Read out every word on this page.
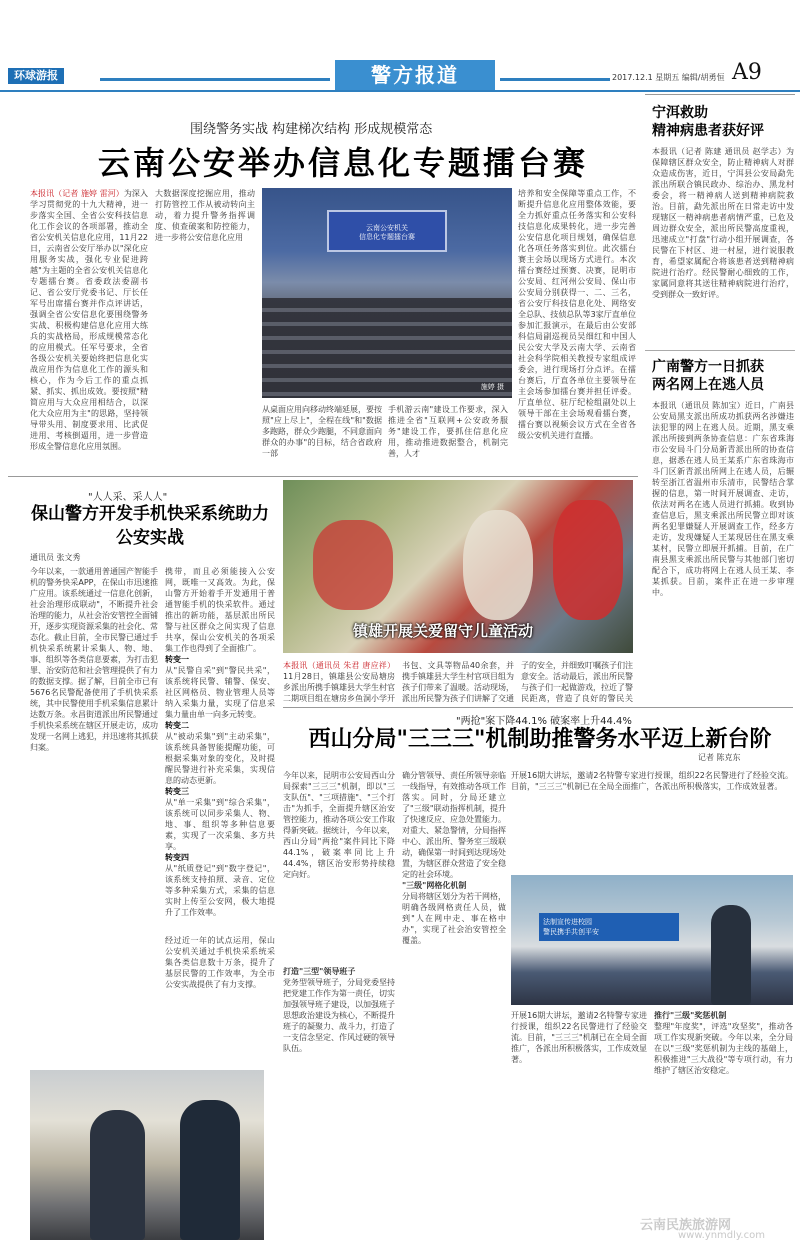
环球游报	警方报道	2017.12.1 星期五 编辑/胡勇恒 A9
围绕警务实战 构建梯次结构 形成规模常态
云南公安举办信息化专题擂台赛
本报讯（记者 施婷 雷河）为深入学习贯彻党的十九大精神，进一步落实全国、全省公安科技信息化工作会议的各项部署，推动全省公安机关信息化应用，11月22日，云南省公安厅举办以"深化应用服务实战，强化专业促进跨越"为主题的全省公安机关信息化专题擂台赛。省委政法委副书记、省公安厅党委书记、厅长任军号出席擂台赛并作点评讲话，强调全省公安信息化要围绕警务实战、积极构建信息化应用大练兵的实战格局，形成规模常态化的应用模式。任军号要求，全省各级公安机关要始终把信息化实战应用作为信息化工作的源头和核心，作为今后工作的重点抓紧、抓实、抓出成效。要按照"精简应用与大众应用相结合，以深化大众应用为主"的思路，坚持领导带头用、制度要求用、比武促进用、考核倒逼用，进一步营造形成全警信息化应用氛围。
大数据深度挖掘应用，推动打防管控工作从被动转向主动，着力提升警务指挥调度、侦查破案和防控能力，进一步将公安信息化应用
云南公安机关
信息化专题擂台赛
施婷 摄
从桌面应用向移动终端延展，要按照"应上尽上"，全程在线"和"数据多跑路，群众少跑腿，不同意面向群众的办事"的目标，结合省政府一部
手机游云南"建设工作要求，深入推进全省"互联网+公安政务服务"建设工作，要抓住信息化应用，推动推进数据整合，机制完善，人才
培养和安全保障等重点工作，不断提升信息化应用整体效能，要全力抓好重点任务落实和公安科技信息化成果转化，进一步完善公安信息化项目规划，确保信息化各项任务落实到位。此次擂台赛主会场以现场方式进行。本次擂台赛经过预赛、决赛，昆明市公安局、红河州公安局、保山市公安局分别获得一、二、三名，省公安厅科技信息化处、网络安全总队、技侦总队等3家厅直单位参加汇报演示，在最后由公安部科信局副巡视员吴细红和中国人民公安大学及云南大学、云南省社会科学院相关教授专家组成评委会，进行现场打分点评。在擂台赛后，厅直各单位主要领导在主会场参加擂台赛并担任评委。厅直单位、驻厅纪检组副处以上领导干部在主会场观看擂台赛，擂台赛以视频会议方式在全省各级公安机关进行直播。
宁洱救助
精神病患者获好评
本报讯（记者 陈建 通讯员 赵学志）为保障辖区群众安全，防止精神病人对群众造成伤害，近日，宁洱县公安局勐先派出所联合镇民政办、综治办、黑龙村委会，将一精神病人送到精神病院救治。目前，勐先派出所在日常走访中发现辖区一精神病患者病情严重，已危及周边群众安全，派出所民警高度重视，迅速成立"打盘"行动小组开展调查，各民警在下村区、进一村屋，进行说服教育，希望家属配合将该患者送到精神病院进行治疗。经民警耐心细致的工作，家属同意将其送往精神病院进行治疗，受到群众一致好评。
广南警方一日抓获
两名网上在逃人员
本报讯（通讯员 陈加宝）近日，广南县公安局黑支派出所成功抓获两名涉嫌违法犯罪的网上在逃人员。近期，黑支乘派出所接到两条协查信息：广东省珠海市公安局斗门分局新青派出所的协查信息，据悉在逃人员王某系广东省珠海市斗门区新青派出所网上在逃人员，后辗转至浙江省温州市乐清市，民警结合掌握的信息，第一时间开展调查、走访，依法对两名在逃人员进行抓捕。收到协查信息后，黑支乘派出所民警立即对该两名犯罪嫌疑人开展调查工作，经多方走访，发现嫌疑人王某现居住在黑支乘某村，民警立即展开抓捕。目前，在广南县黑支乘派出所民警与其他部门密切配合下，成功将网上在逃人员王某、李某抓获。目前，案件正在进一步审理中。
"人人采、采人人"
保山警方开发手机快采系统助力公安实战
通讯员 张文秀
今年以来，一款通用普通国产智能手机的警务快采APP，在保山市迅速推广应用。该系统通过一信息化创新，社会治理形成联动"，不断提升社会治理的能力，从社会治安管控全面铺开，逐步实现资源采集的社会化、常态化。截止目前，全市民警已通过手机快采系统累计采集人、物、地、事、组织等各类信息要素，为打击犯罪、治安防范和社会管理提供了有力的数据支撑。据了解，目前全市已有5676名民警配备使用了手机快采系统，其中民警使用手机采集信息累计达数万条。永昌街道派出所民警通过手机快采系统在辖区开展走访，成功发现一名网上逃犯，并迅速将其抓获归案。
携带，而且必须能接入公安网，既唯一又高效。为此，保山警方开始着手开发通用于普通智能手机的快采软件。通过推出的新功能，基层派出所民警与社区群众之间实现了信息共享，保山公安机关的各项采集工作也得到了全面推广。
转变一
从"民警自采"到"警民共采"，该系统将民警、辅警、保安、社区网格员、物业管理人员等纳入采集力量，实现了信息采集力量由单一向多元转变。
转变二
从"被动采集"到"主动采集"，该系统具备智能提醒功能，可根据采集对象的变化，及时提醒民警进行补充采集，实现信息的动态更新。
转变三
从"单一采集"到"综合采集"，该系统可以同步采集人、物、地、事、组织等多种信息要素，实现了一次采集、多方共享。
转变四
从"纸质登记"到"数字登记"，该系统支持拍照、录音、定位等多种采集方式，采集的信息实时上传至公安网，极大地提升了工作效率。
经过近一年的试点运用，保山公安机关通过手机快采系统采集各类信息数十万条，提升了基层民警的工作效率，为全市公安实战提供了有力支撑。
镇雄开展关爱留守儿童活动
本报讯（通讯员 朱君 唐应祥）11月28日，镇雄县公安局塘房乡派出所携手镇雄县大学生村官二期项目组在塘房乡鱼洞小学开
书包、文具等物品40余套，并携手镇雄县大学生村官项目组为孩子们带来了温暖。活动现场，派出所民警为孩子们讲解了交通
子的安全，并细致叮嘱孩子们注意安全。活动最后，派出所民警与孩子们一起做游戏，拉近了警民距离，营造了良好的警民关
"两抢"案下降44.1% 破案率上升44.4%
西山分局"三三三"机制助推警务水平迈上新台阶
记者 陈克东
今年以来，昆明市公安局西山分局探索"三三三"机制，即以"三支队伍"、"三项措施"、"三个打击"为抓手，全面提升辖区治安管控能力，推动各项公安工作取得新突破。据统计，今年以来，西山分局"两抢"案件同比下降44.1%，破案率同比上升44.4%，辖区治安形势持续稳定向好。
打造"三型"领导班子
党务型领导班子，分局党委坚持把党建工作作为第一责任，切实加强领导班子建设，以加强班子思想政治建设为核心，不断提升班子的凝聚力、战斗力，打造了一支信念坚定、作风过硬的领导队伍。
确分管领导、责任所领导亲临一线指导，有效推动各项工作落实。同时，分局还建立了"三级"联动指挥机制，提升了快速反应、应急处置能力。对重大、紧急警情，分局指挥中心、派出所、警务室三级联动，确保第一时间到达现场处置，为辖区群众营造了安全稳定的社会环境。
"三级"网格化机制
分局将辖区划分为若干网格，明确各级网格责任人员，做到"人在网中走、事在格中办"，实现了社会治安管控全覆盖。
开展16期大讲坛，邀请2名特警专家进行授课，组织22名民警进行了经验交流。目前，"三三三"机制已在全局全面推广，各派出所积极落实，工作成效显著。
法制宣传进校园
警民携手共创平安
开展16期大讲坛，邀请2名特警专家进行授课，组织22名民警进行了经验交流。目前，"三三三"机制已在全局全面推广，各派出所积极落实，工作成效显著。
推行"三级"奖惩机制
整理"年度奖"，评选"攻坚奖"，推动各项工作实现新突破。今年以来，全分局在以"三级"奖惩机制为主线的基础上，积极推进"三大战役"等专项行动，有力维护了辖区治安稳定。
云南民族旅游网
www.ynmdly.com
